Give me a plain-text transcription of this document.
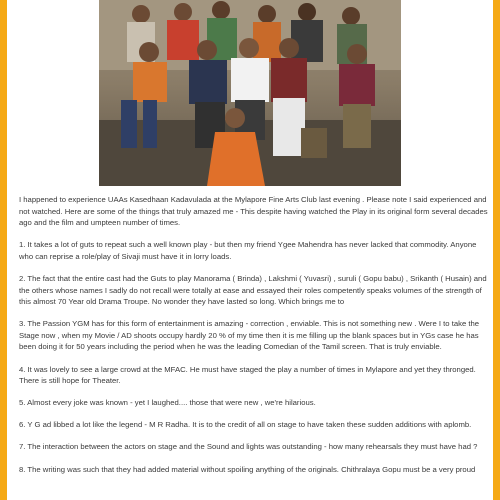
I happened to experience UAAs Kasedhaan Kadavulada at the Mylapore Fine Arts Club last evening . Please note I said experienced and not watched. Here are some of the things that truly amazed me - This despite having watched the Play in its original form several decades ago and the film and umpteen number of times.

1. It takes a lot of guts to repeat such a well known play - but then my friend Ygee Mahendra has never lacked that commodity. Anyone who can reprise a role/play of Sivaji must have it in lorry loads.

2. The fact that the entire cast had the Guts to play Manorama ( Brinda) , Lakshmi ( Yuvasri) , suruli ( Gopu babu) , Srikanth ( Husain) and the others whose names I sadly do not recall were totally at ease and essayed their roles competently speaks volumes of the strength of this almost 70 Year old Drama Troupe. No wonder they have lasted so long. Which brings me to

3. The Passion YGM has for this form of entertainment is amazing - correction , enviable. This is not something new . Were I to take the Stage now , when my Movie / AD shoots occupy hardly 20 % of my time then it is me filling up the blank spaces but in YGs case he has been doing it for 50 years including the period when he was the leading Comedian of the Tamil screen. That is truly enviable.

4. It was lovely to see a large crowd at the MFAC. He must have staged the play a number of times in Mylapore and yet they thronged. There is still hope for Theater.

5. Almost every joke was known - yet I laughed.... those that were new , we're hilarious.

6. Y G ad libbed a lot like the legend - M R Radha. It is to the credit of all on stage to have taken these sudden additions with aplomb.

7. The interaction between the actors on stage and the Sound and lights was outstanding - how many rehearsals they must have had ?

8. The writing was such that they had added material without spoiling anything of the originals. Chithralaya Gopu must be a very proud
